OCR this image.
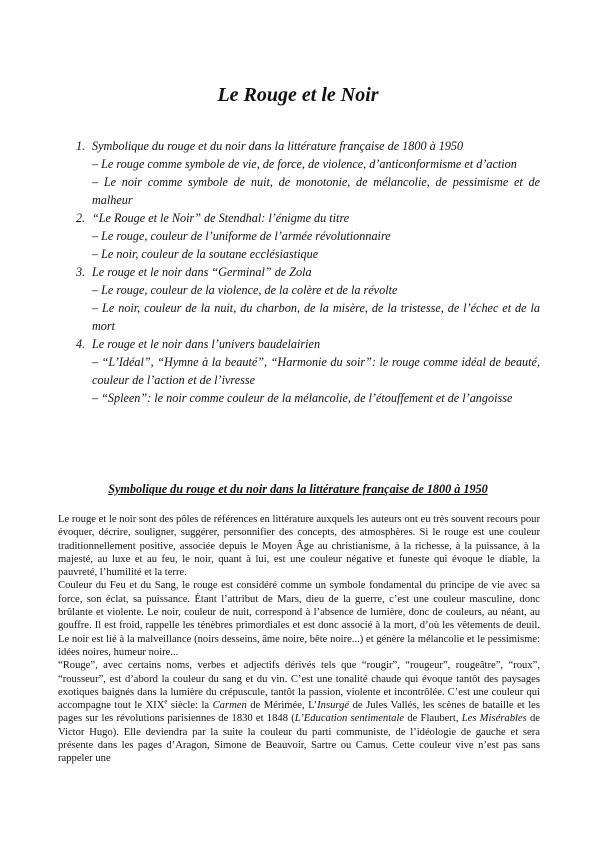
Le Rouge et le Noir
1. Symbolique du rouge et du noir dans la littérature française de 1800 à 1950
– Le rouge comme symbole de vie, de force, de violence, d’anticonformisme et d’action
– Le noir comme symbole de nuit, de monotonie, de mélancolie, de pessimisme et de malheur
2. “Le Rouge et le Noir” de Stendhal: l’énigme du titre
– Le rouge, couleur de l’uniforme de l’armée révolutionnaire
– Le noir, couleur de la soutane ecclésiastique
3. Le rouge et le noir dans “Germinal” de Zola
– Le rouge, couleur de la violence, de la colère et de la révolte
– Le noir, couleur de la nuit, du charbon, de la misère, de la tristesse, de l’échec et de la mort
4. Le rouge et le noir dans l’univers baudelairien
– “L’Idéal”, “Hymne à la beauté”, “Harmonie du soir”: le rouge comme idéal de beauté, couleur de l’action et de l’ivresse
– “Spleen”: le noir comme couleur de la mélancolie, de l’étouffement et de l’angoisse
Symbolique du rouge et du noir dans la littérature française de 1800 à 1950

Le rouge et le noir sont des pôles de références en littérature auxquels les auteurs ont eu très souvent recours pour évoquer, décrire, souligner, suggérer, personnifier des concepts, des atmosphères. Si le rouge est une couleur traditionnellement positive, associée depuis le Moyen Âge au christianisme, à la richesse, à la puissance, à la majesté, au luxe et au feu, le noir, quant à lui, est une couleur négative et funeste qui évoque le diable, la pauvreté, l’humilité et la terre.

Couleur du Feu et du Sang, le rouge est considéré comme un symbole fondamental du principe de vie avec sa force, son éclat, sa puissance. Étant l’attribut de Mars, dieu de la guerre, c’est une couleur masculine, donc brûlante et violente. Le noir, couleur de nuit, correspond à l’absence de lumière, donc de couleurs, au néant, au gouffre. Il est froid, rappelle les ténèbres primordiales et est donc associé à la mort, d’où les vêtements de deuil. Le noir est lié à la malveillance (noirs desseins, âme noire, bête noire...) et génère la mélancolie et le pessimisme: idées noires, humeur noire...

“Rouge”, avec certains noms, verbes et adjectifs dérivés tels que “rougir”, “rougeur”, rougeâtre”, “roux”, “rousseur”, est d’abord la couleur du sang et du vin. C’est une tonalité chaude qui évoque tantôt des paysages exotiques baignés dans la lumière du crépuscule, tantôt la passion, violente et incontrôlée. C’est une couleur qui accompagne tout le XIXe siècle: la Carmen de Mérimée, L’Insurgé de Jules Vallés, les scènes de bataille et les pages sur les révolutions parisiennes de 1830 et 1848 (L’Education sentimentale de Flaubert, Les Misérables de Victor Hugo). Elle deviendra par la suite la couleur du parti communiste, de l’idéologie de gauche et sera présente dans les pages d’Aragon, Simone de Beauvoir, Sartre ou Camus. Cette couleur vive n’est pas sans rappeler une
